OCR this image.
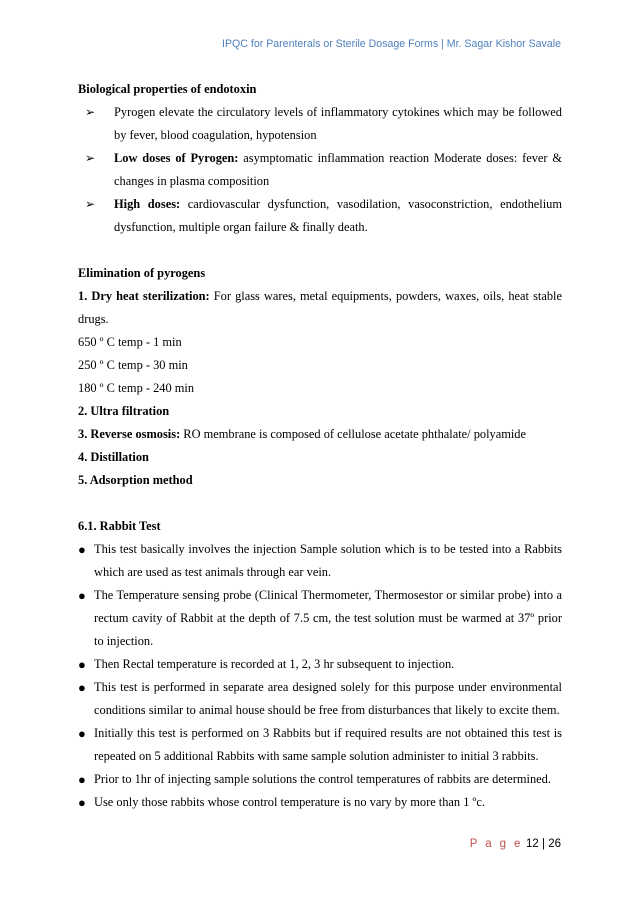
IPQC for Parenterals or Sterile Dosage Forms | Mr. Sagar Kishor Savale

Biological properties of endotoxin

➢ Pyrogen elevate the circulatory levels of inflammatory cytokines which may be followed by fever, blood coagulation, hypotension
➢ Low doses of Pyrogen: asymptomatic inflammation reaction Moderate doses: fever & changes in plasma composition
➢ High doses: cardiovascular dysfunction, vasodilation, vasoconstriction, endothelium dysfunction, multiple organ failure & finally death.

Elimination of pyrogens

1. Dry heat sterilization: For glass wares, metal equipments, powders, waxes, oils, heat stable drugs.

650 º C temp - 1 min

250 º C temp - 30 min

180 º C temp - 240 min

2. Ultra filtration

3. Reverse osmosis: RO membrane is composed of cellulose acetate phthalate/ polyamide

4. Distillation

5. Adsorption method

6.1. Rabbit Test

● This test basically involves the injection Sample solution which is to be tested into a Rabbits which are used as test animals through ear vein.
● The Temperature sensing probe (Clinical Thermometer, Thermosestor or similar probe) into a rectum cavity of Rabbit at the depth of 7.5 cm, the test solution must be warmed at 37º prior to injection.
● Then Rectal temperature is recorded at 1, 2, 3 hr subsequent to injection.
● This test is performed in separate area designed solely for this purpose under environmental conditions similar to animal house should be free from disturbances that likely to excite them.
● Initially this test is performed on 3 Rabbits but if required results are not obtained this test is repeated on 5 additional Rabbits with same sample solution administer to initial 3 rabbits.
● Prior to 1hr of injecting sample solutions the control temperatures of rabbits are determined.
● Use only those rabbits whose control temperature is no vary by more than 1 ºc.
P a g e 12 | 26
